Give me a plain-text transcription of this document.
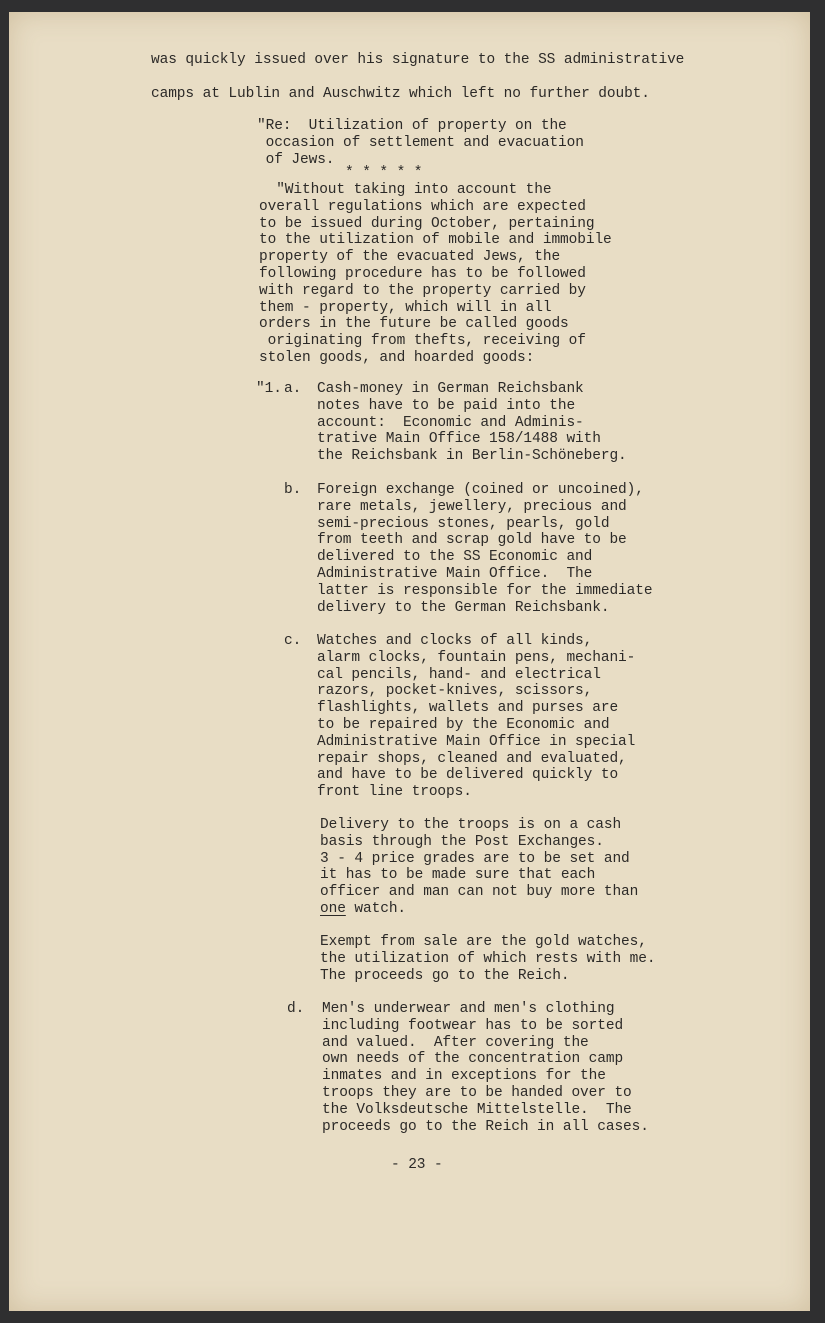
was quickly issued over his signature to the SS administrative
camps at Lublin and Auschwitz which left no further doubt.
"Re:  Utilization of property on the
occasion of settlement and evacuation
of Jews.
* * * * *
"Without taking into account the
overall regulations which are expected
to be issued during October, pertaining
to the utilization of mobile and immobile
property of the evacuated Jews, the
following procedure has to be followed
with regard to the property carried by
them - property, which will in all
orders in the future be called goods
originating from thefts, receiving of
stolen goods, and hoarded goods:
"1. a. Cash-money in German Reichsbank
notes have to be paid into the
account:  Economic and Adminis-
trative Main Office 158/1488 with
the Reichsbank in Berlin-Schöneberg.
b. Foreign exchange (coined or uncoined),
rare metals, jewellery, precious and
semi-precious stones, pearls, gold
from teeth and scrap gold have to be
delivered to the SS Economic and
Administrative Main Office.  The
latter is responsible for the immediate
delivery to the German Reichsbank.
c. Watches and clocks of all kinds,
alarm clocks, fountain pens, mechani-
cal pencils, hand- and electrical
razors, pocket-knives, scissors,
flashlights, wallets and purses are
to be repaired by the Economic and
Administrative Main Office in special
repair shops, cleaned and evaluated,
and have to be delivered quickly to
front line troops.
Delivery to the troops is on a cash
basis through the Post Exchanges.
3 - 4 price grades are to be set and
it has to be made sure that each
officer and man can not buy more than
one watch.
Exempt from sale are the gold watches,
the utilization of which rests with me.
The proceeds go to the Reich.
d. Men's underwear and men's clothing
including footwear has to be sorted
and valued.  After covering the
own needs of the concentration camp
inmates and in exceptions for the
troops they are to be handed over to
the Volksdeutsche Mittelstelle.  The
proceeds go to the Reich in all cases.
- 23 -
